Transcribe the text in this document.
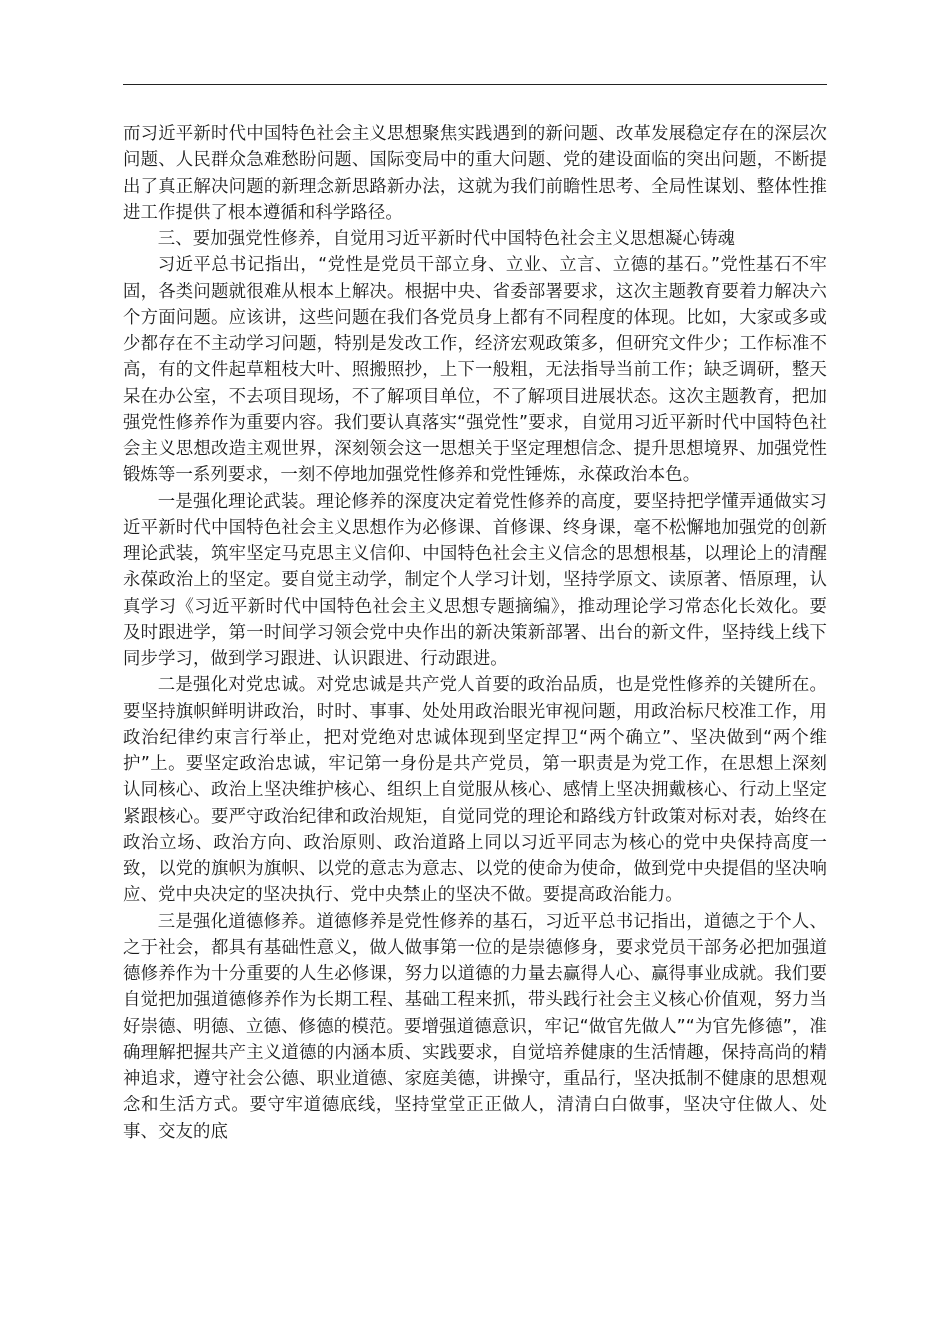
而习近平新时代中国特色社会主义思想聚焦实践遇到的新问题、改革发展稳定存在的深层次问题、人民群众急难愁盼问题、国际变局中的重大问题、党的建设面临的突出问题，不断提出了真正解决问题的新理念新思路新办法，这就为我们前瞻性思考、全局性谋划、整体性推进工作提供了根本遵循和科学路径。

三、要加强党性修养，自觉用习近平新时代中国特色社会主义思想凝心铸魂

习近平总书记指出，“党性是党员干部立身、立业、立言、立德的基石。”党性基石不牢固，各类问题就很难从根本上解决。根据中央、省委部署要求，这次主题教育要着力解决六个方面问题。应该讲，这些问题在我们各党员身上都有不同程度的体现。比如，大家或多或少都存在不主动学习问题，特别是发改工作，经济宏观政策多，但研究文件少；工作标准不高，有的文件起草粗枝大叶、照搬照抄，上下一般粗，无法指导当前工作；缺乏调研，整天呆在办公室，不去项目现场，不了解项目单位，不了解项目进展状态。这次主题教育，把加强党性修养作为重要内容。我们要认真落实“强党性”要求，自觉用习近平新时代中国特色社会主义思想改造主观世界，深刻领会这一思想关于坚定理想信念、提升思想境界、加强党性锻炼等一系列要求，一刻不停地加强党性修养和党性锤炼，永葆政治本色。

一是强化理论武装。理论修养的深度决定着党性修养的高度，要坚持把学懂弄通做实习近平新时代中国特色社会主义思想作为必修课、首修课、终身课，毫不松懈地加强党的创新理论武装，筑牢坚定马克思主义信仰、中国特色社会主义信念的思想根基，以理论上的清醒永葆政治上的坚定。要自觉主动学，制定个人学习计划，坚持学原文、读原著、悟原理，认真学习《习近平新时代中国特色社会主义思想专题摘编》，推动理论学习常态化长效化。要及时跟进学，第一时间学习领会党中央作出的新决策新部署、出台的新文件，坚持线上线下同步学习，做到学习跟进、认识跟进、行动跟进。

二是强化对党忠诚。对党忠诚是共产党人首要的政治品质，也是党性修养的关键所在。要坚持旗帜鲜明讲政治，时时、事事、处处用政治眼光审视问题，用政治标尺校准工作，用政治纪律约束言行举止，把对党绝对忠诚体现到坚定捍卫“两个确立”、坚决做到“两个维护”上。要坚定政治忠诚，牢记第一身份是共产党员，第一职责是为党工作，在思想上深刻认同核心、政治上坚决维护核心、组织上自觉服从核心、感情上坚决拥戴核心、行动上坚定紧跟核心。要严守政治纪律和政治规矩，自觉同党的理论和路线方针政策对标对表，始终在政治立场、政治方向、政治原则、政治道路上同以习近平同志为核心的党中央保持高度一致，以党的旗帜为旗帜、以党的意志为意志、以党的使命为使命，做到党中央提倡的坚决响应、党中央决定的坚决执行、党中央禁止的坚决不做。要提高政治能力。

三是强化道德修养。道德修养是党性修养的基石，习近平总书记指出，道德之于个人、之于社会，都具有基础性意义，做人做事第一位的是崇德修身，要求党员干部务必把加强道德修养作为十分重要的人生必修课，努力以道德的力量去赢得人心、赢得事业成就。我们要自觉把加强道德修养作为长期工程、基础工程来抓，带头践行社会主义核心价值观，努力当好崇德、明德、立德、修德的模范。要增强道德意识，牢记“做官先做人”“为官先修德”，准确理解把握共产主义道德的内涵本质、实践要求，自觉培养健康的生活情趣，保持高尚的精神追求，遵守社会公德、职业道德、家庭美德，讲操守，重品行，坚决抵制不健康的思想观念和生活方式。要守牢道德底线，坚持堂堂正正做人，清清白白做事，坚决守住做人、处事、交友的底
